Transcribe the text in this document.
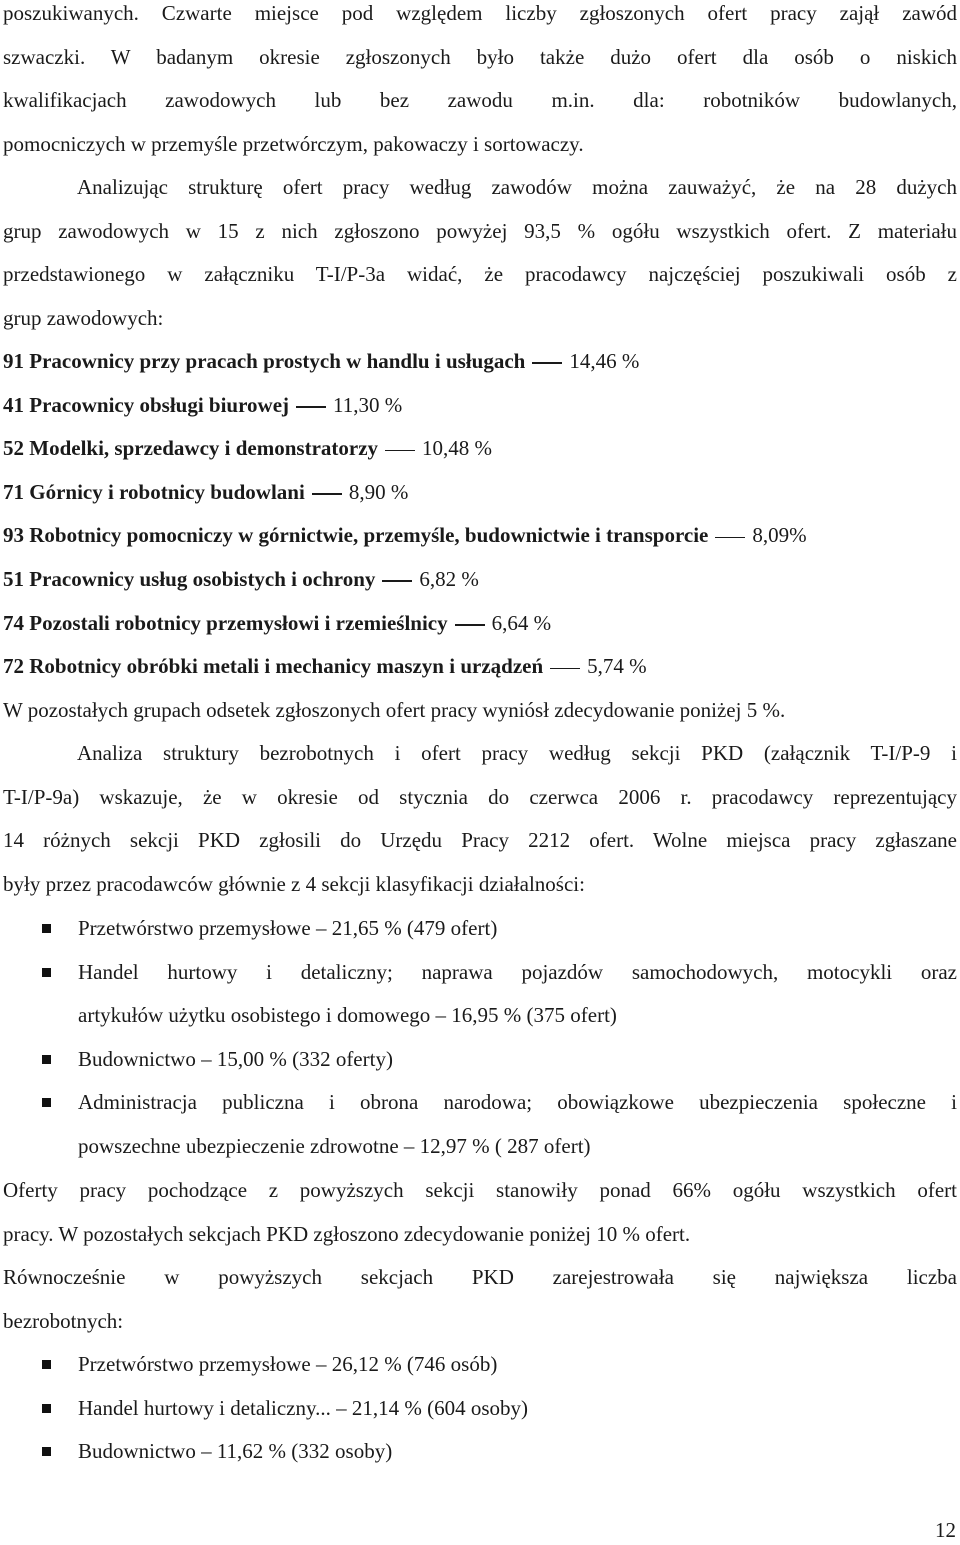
poszukiwanych. Czwarte miejsce pod względem liczby zgłoszonych ofert pracy zajął zawód
szwaczki. W badanym okresie zgłoszonych było także dużo ofert dla osób o niskich
kwalifikacjach zawodowych lub bez zawodu m.in. dla: robotników budowlanych,
pomocniczych w przemyśle przetwórczym, pakowaczy i sortowaczy.
Analizując strukturę ofert pracy według zawodów można zauważyć, że na 28 dużych
grup zawodowych w 15 z nich zgłoszono powyżej 93,5 % ogółu wszystkich ofert. Z materiału
przedstawionego w załączniku T-I/P-3a widać, że pracodawcy najczęściej poszukiwali osób z
grup zawodowych:
91 Pracownicy przy pracach prostych w handlu i usługach 14,46 %
41 Pracownicy obsługi biurowej 11,30 %
52 Modelki, sprzedawcy i demonstratorzy 10,48 %
71 Górnicy i robotnicy budowlani 8,90 %
93 Robotnicy pomocniczy w górnictwie, przemyśle, budownictwie i transporcie 8,09%
51 Pracownicy usług osobistych i ochrony 6,82 %
74 Pozostali robotnicy przemysłowi i rzemieślnicy 6,64 %
72 Robotnicy obróbki metali i mechanicy maszyn i urządzeń 5,74 %
W pozostałych grupach odsetek zgłoszonych ofert pracy wyniósł zdecydowanie poniżej 5 %.
Analiza struktury bezrobotnych i ofert pracy według sekcji PKD (załącznik T-I/P-9 i
T-I/P-9a) wskazuje, że w okresie od stycznia do czerwca 2006 r. pracodawcy reprezentujący
14 różnych sekcji PKD zgłosili do Urzędu Pracy 2212 ofert. Wolne miejsca pracy zgłaszane
były przez pracodawców głównie z 4 sekcji klasyfikacji działalności:
Przetwórstwo przemysłowe – 21,65 % (479 ofert)
Handel hurtowy i detaliczny; naprawa pojazdów samochodowych, motocykli oraz
artykułów użytku osobistego i domowego – 16,95 % (375 ofert)
Budownictwo – 15,00 % (332 oferty)
Administracja publiczna i obrona narodowa; obowiązkowe ubezpieczenia społeczne i
powszechne ubezpieczenie zdrowotne – 12,97 % ( 287 ofert)
Oferty pracy pochodzące z powyższych sekcji stanowiły ponad 66% ogółu wszystkich ofert
pracy. W pozostałych sekcjach PKD zgłoszono zdecydowanie poniżej 10 % ofert.
Równocześnie w powyższych sekcjach PKD zarejestrowała się największa liczba
bezrobotnych:
Przetwórstwo przemysłowe – 26,12 % (746 osób)
Handel hurtowy i detaliczny... – 21,14 % (604 osoby)
Budownictwo – 11,62 % (332 osoby)
12
